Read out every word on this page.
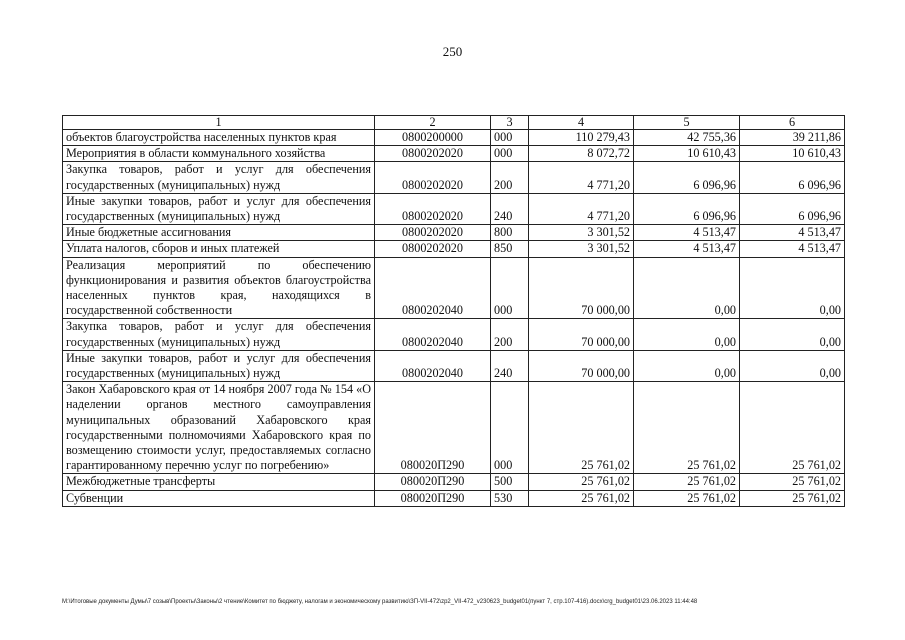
250
1	2	3	4	5	6
объектов благоустройства населенных пунктов края	0800200000	000	110 279,43	42 755,36	39 211,86
Мероприятия в области коммунального хозяйства	0800202020	000	8 072,72	10 610,43	10 610,43
Закупка товаров, работ и услуг для обеспечения государственных (муниципальных) нужд	0800202020	200	4 771,20	6 096,96	6 096,96
Иные закупки товаров, работ и услуг для обеспечения государственных (муниципальных) нужд	0800202020	240	4 771,20	6 096,96	6 096,96
Иные бюджетные ассигнования	0800202020	800	3 301,52	4 513,47	4 513,47
Уплата налогов, сборов и иных платежей	0800202020	850	3 301,52	4 513,47	4 513,47
Реализация мероприятий по обеспечению функционирования и развития объектов благоустройства населенных пунктов края, находящихся в государственной собственности	0800202040	000	70 000,00	0,00	0,00
Закупка товаров, работ и услуг для обеспечения государственных (муниципальных) нужд	0800202040	200	70 000,00	0,00	0,00
Иные закупки товаров, работ и услуг для обеспечения государственных (муниципальных) нужд	0800202040	240	70 000,00	0,00	0,00
Закон Хабаровского края от 14 ноября 2007 года № 154 «О наделении органов местного самоуправления муниципальных образований Хабаровского края государственными полномочиями Хабаровского края по возмещению стоимости услуг, предоставляемых согласно гарантированному перечню услуг по погребению»	080020П290	000	25 761,02	25 761,02	25 761,02
Межбюджетные трансферты	080020П290	500	25 761,02	25 761,02	25 761,02
Субвенции	080020П290	530	25 761,02	25 761,02	25 761,02
M:\Итоговые документы Думы\7 созыв\Проекты\Законы\2 чтение\Комитет по бюджету, налогам и экономическому развитию\ЗП-VII-472\zp2_VII-472_v230623_budget01(пункт 7, стр.107-416).docx\crg_budget01\23.06.2023 11:44:48
